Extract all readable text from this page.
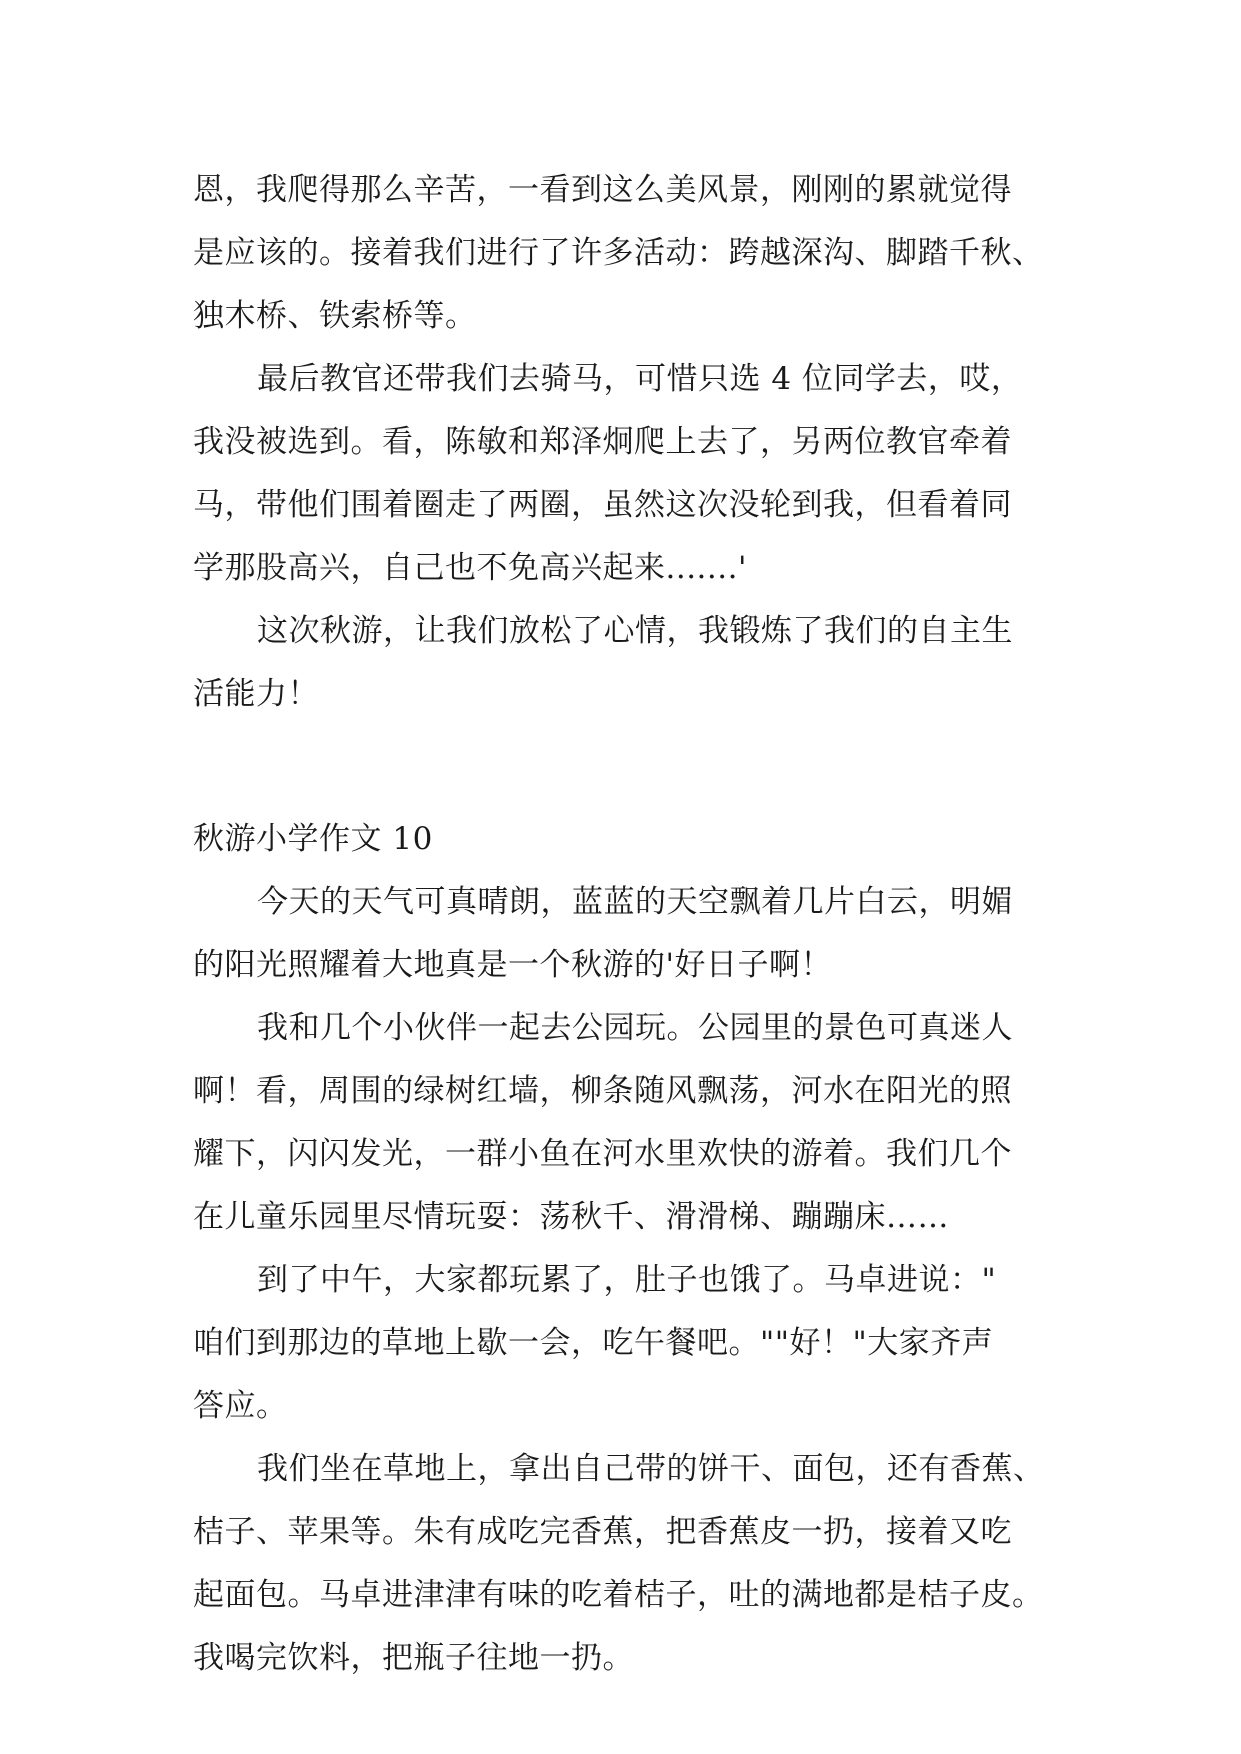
恩，我爬得那么辛苦，一看到这么美风景，刚刚的累就觉得
是应该的。接着我们进行了许多活动：跨越深沟、脚踏千秋、
独木桥、铁索桥等。
最后教官还带我们去骑马，可惜只选 4 位同学去，哎，
我没被选到。看，陈敏和郑泽炯爬上去了，另两位教官牵着
马，带他们围着圈走了两圈，虽然这次没轮到我，但看着同
学那股高兴，自己也不免高兴起来.......'
这次秋游，让我们放松了心情，我锻炼了我们的自主生
活能力！
秋游小学作文 10
今天的天气可真晴朗，蓝蓝的天空飘着几片白云，明媚
的阳光照耀着大地真是一个秋游的'好日子啊！
我和几个小伙伴一起去公园玩。公园里的景色可真迷人
啊！看，周围的绿树红墙，柳条随风飘荡，河水在阳光的照
耀下，闪闪发光，一群小鱼在河水里欢快的游着。我们几个
在儿童乐园里尽情玩耍：荡秋千、滑滑梯、蹦蹦床……
到了中午，大家都玩累了，肚子也饿了。马卓进说："
咱们到那边的草地上歇一会，吃午餐吧。""好！"大家齐声
答应。
我们坐在草地上，拿出自己带的饼干、面包，还有香蕉、
桔子、苹果等。朱有成吃完香蕉，把香蕉皮一扔，接着又吃
起面包。马卓进津津有味的吃着桔子，吐的满地都是桔子皮。
我喝完饮料，把瓶子往地一扔。
